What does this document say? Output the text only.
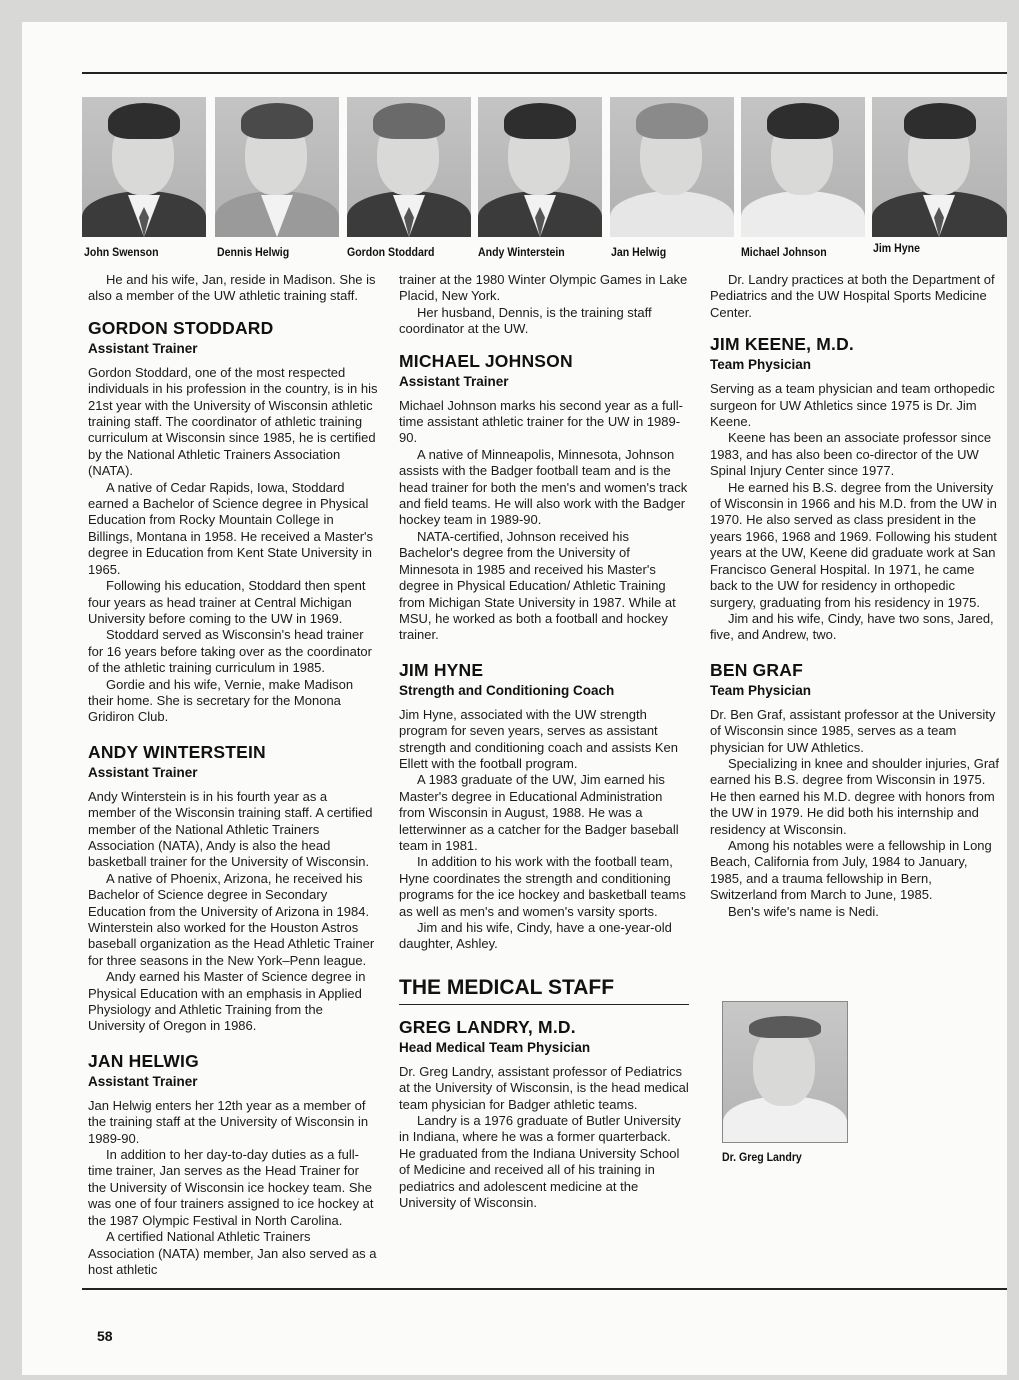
John Swenson	Dennis Helwig	Gordon Stoddard	Andy Winterstein	Jan Helwig	Michael Johnson	Jim Hyne

He and his wife, Jan, reside in Madison. She is also a member of the UW athletic training staff.

GORDON STODDARD
Assistant Trainer

Gordon Stoddard, one of the most respected individuals in his profession in the country, is in his 21st year with the University of Wisconsin athletic training staff. The coordinator of athletic training curriculum at Wisconsin since 1985, he is certified by the National Athletic Trainers Association (NATA).

A native of Cedar Rapids, Iowa, Stoddard earned a Bachelor of Science degree in Physical Education from Rocky Mountain College in Billings, Montana in 1958. He received a Master's degree in Education from Kent State University in 1965.

Following his education, Stoddard then spent four years as head trainer at Central Michigan University before coming to the UW in 1969.

Stoddard served as Wisconsin's head trainer for 16 years before taking over as the coordinator of the athletic training curriculum in 1985.

Gordie and his wife, Vernie, make Madison their home. She is secretary for the Monona Gridiron Club.

ANDY WINTERSTEIN
Assistant Trainer

Andy Winterstein is in his fourth year as a member of the Wisconsin training staff. A certified member of the National Athletic Trainers Association (NATA), Andy is also the head basketball trainer for the University of Wisconsin.

A native of Phoenix, Arizona, he received his Bachelor of Science degree in Secondary Education from the University of Arizona in 1984. Winterstein also worked for the Houston Astros baseball organization as the Head Athletic Trainer for three seasons in the New York–Penn league.

Andy earned his Master of Science degree in Physical Education with an emphasis in Applied Physiology and Athletic Training from the University of Oregon in 1986.

JAN HELWIG
Assistant Trainer

Jan Helwig enters her 12th year as a member of the training staff at the University of Wisconsin in 1989-90.

In addition to her day-to-day duties as a full-time trainer, Jan serves as the Head Trainer for the University of Wisconsin ice hockey team. She was one of four trainers assigned to ice hockey at the 1987 Olympic Festival in North Carolina.

A certified National Athletic Trainers Association (NATA) member, Jan also served as a host athletic

trainer at the 1980 Winter Olympic Games in Lake Placid, New York.

Her husband, Dennis, is the training staff coordinator at the UW.

MICHAEL JOHNSON
Assistant Trainer

Michael Johnson marks his second year as a full-time assistant athletic trainer for the UW in 1989-90.

A native of Minneapolis, Minnesota, Johnson assists with the Badger football team and is the head trainer for both the men's and women's track and field teams. He will also work with the Badger hockey team in 1989-90.

NATA-certified, Johnson received his Bachelor's degree from the University of Minnesota in 1985 and received his Master's degree in Physical Education/ Athletic Training from Michigan State University in 1987. While at MSU, he worked as both a football and hockey trainer.

JIM HYNE
Strength and Conditioning Coach

Jim Hyne, associated with the UW strength program for seven years, serves as assistant strength and conditioning coach and assists Ken Ellett with the football program.

A 1983 graduate of the UW, Jim earned his Master's degree in Educational Administration from Wisconsin in August, 1988. He was a letterwinner as a catcher for the Badger baseball team in 1981.

In addition to his work with the football team, Hyne coordinates the strength and conditioning programs for the ice hockey and basketball teams as well as men's and women's varsity sports.

Jim and his wife, Cindy, have a one-year-old daughter, Ashley.

THE MEDICAL STAFF
GREG LANDRY, M.D.
Head Medical Team Physician

Dr. Greg Landry, assistant professor of Pediatrics at the University of Wisconsin, is the head medical team physician for Badger athletic teams.

Landry is a 1976 graduate of Butler University in Indiana, where he was a former quarterback. He graduated from the Indiana University School of Medicine and received all of his training in pediatrics and adolescent medicine at the University of Wisconsin.

Dr. Landry practices at both the Department of Pediatrics and the UW Hospital Sports Medicine Center.

JIM KEENE, M.D.
Team Physician

Serving as a team physician and team orthopedic surgeon for UW Athletics since 1975 is Dr. Jim Keene.

Keene has been an associate professor since 1983, and has also been co-director of the UW Spinal Injury Center since 1977.

He earned his B.S. degree from the University of Wisconsin in 1966 and his M.D. from the UW in 1970. He also served as class president in the years 1966, 1968 and 1969. Following his student years at the UW, Keene did graduate work at San Francisco General Hospital. In 1971, he came back to the UW for residency in orthopedic surgery, graduating from his residency in 1975.

Jim and his wife, Cindy, have two sons, Jared, five, and Andrew, two.

BEN GRAF
Team Physician

Dr. Ben Graf, assistant professor at the University of Wisconsin since 1985, serves as a team physician for UW Athletics.

Specializing in knee and shoulder injuries, Graf earned his B.S. degree from Wisconsin in 1975. He then earned his M.D. degree with honors from the UW in 1979. He did both his internship and residency at Wisconsin.

Among his notables were a fellowship in Long Beach, California from July, 1984 to January, 1985, and a trauma fellowship in Bern, Switzerland from March to June, 1985.

Ben's wife's name is Nedi.

Dr. Greg Landry
58
